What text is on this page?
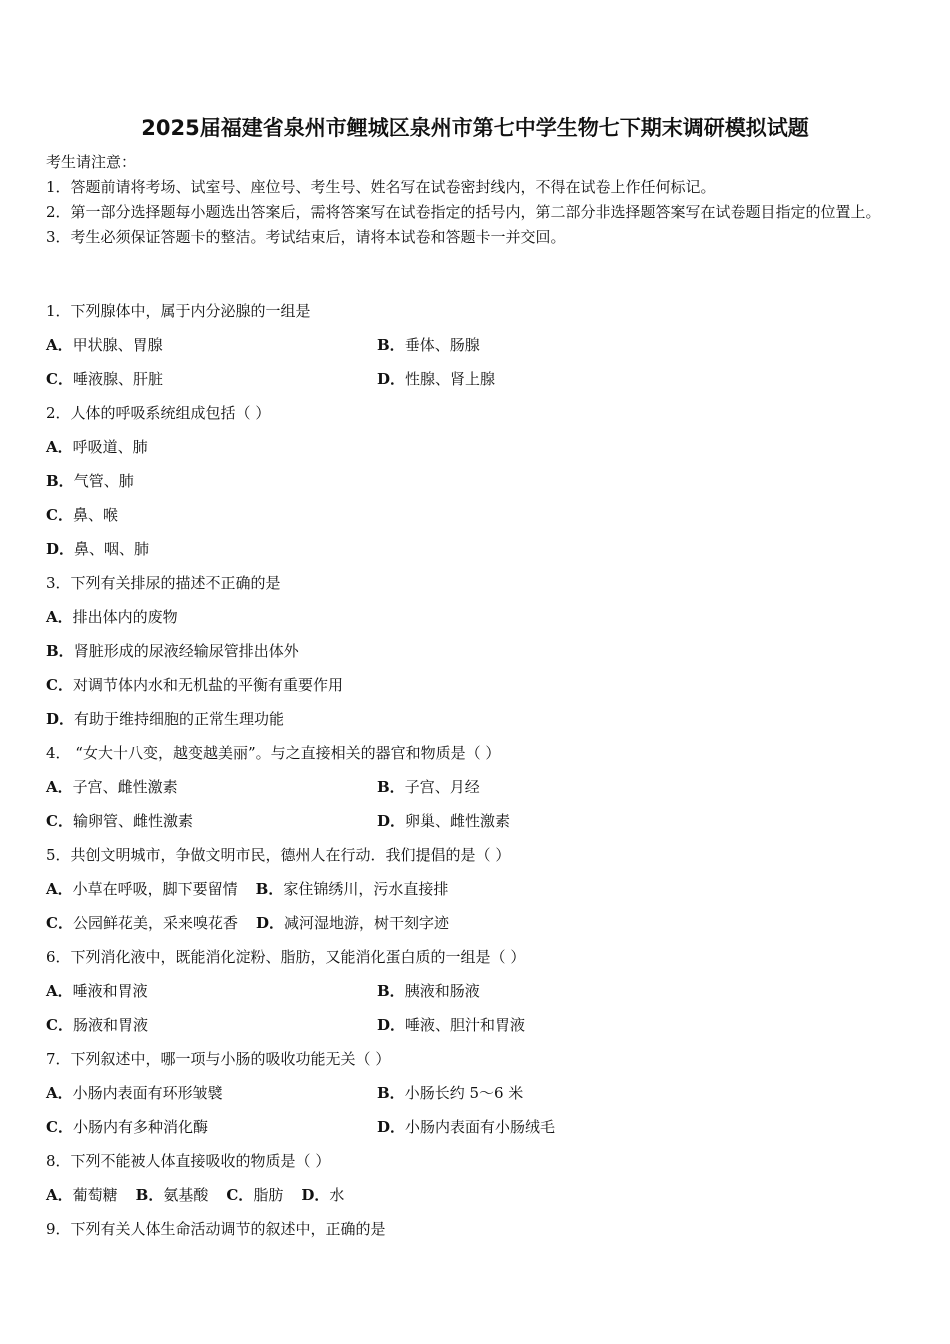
2025届福建省泉州市鲤城区泉州市第七中学生物七下期末调研模拟试题
考生请注意：
1．答题前请将考场、试室号、座位号、考生号、姓名写在试卷密封线内，不得在试卷上作任何标记。
2．第一部分选择题每小题选出答案后，需将答案写在试卷指定的括号内，第二部分非选择题答案写在试卷题目指定的位置上。
3．考生必须保证答题卡的整洁。考试结束后，请将本试卷和答题卡一并交回。
1．下列腺体中，属于内分泌腺的一组是
A．甲状腺、胃腺	B．垂体、肠腺
C．唾液腺、肝脏	D．性腺、肾上腺
2．人体的呼吸系统组成包括（ ）
A．呼吸道、肺
B．气管、肺
C．鼻、喉
D．鼻、咽、肺
3．下列有关排尿的描述不正确的是
A．排出体内的废物
B．肾脏形成的尿液经输尿管排出体外
C．对调节体内水和无机盐的平衡有重要作用
D．有助于维持细胞的正常生理功能
4． “女大十八变，越变越美丽”。与之直接相关的器官和物质是（ ）
A．子宫、雌性激素	B．子宫、月经
C．输卵管、雌性激素	D．卵巢、雌性激素
5．共创文明城市，争做文明市民，德州人在行动．我们提倡的是（ ）
A．小草在呼吸，脚下要留情 B．家住锦绣川，污水直接排
C．公园鲜花美，采来嗅花香 D．减河湿地游，树干刻字迹
6．下列消化液中，既能消化淀粉、脂肪，又能消化蛋白质的一组是（ ）
A．唾液和胃液	B．胰液和肠液
C．肠液和胃液	D．唾液、胆汁和胃液
7．下列叙述中，哪一项与小肠的吸收功能无关（ ）
A．小肠内表面有环形皱襞	B．小肠长约 5～6 米
C．小肠内有多种消化酶	D．小肠内表面有小肠绒毛
8．下列不能被人体直接吸收的物质是（ ）
A．葡萄糖 B．氨基酸 C．脂肪 D．水
9．下列有关人体生命活动调节的叙述中，正确的是
